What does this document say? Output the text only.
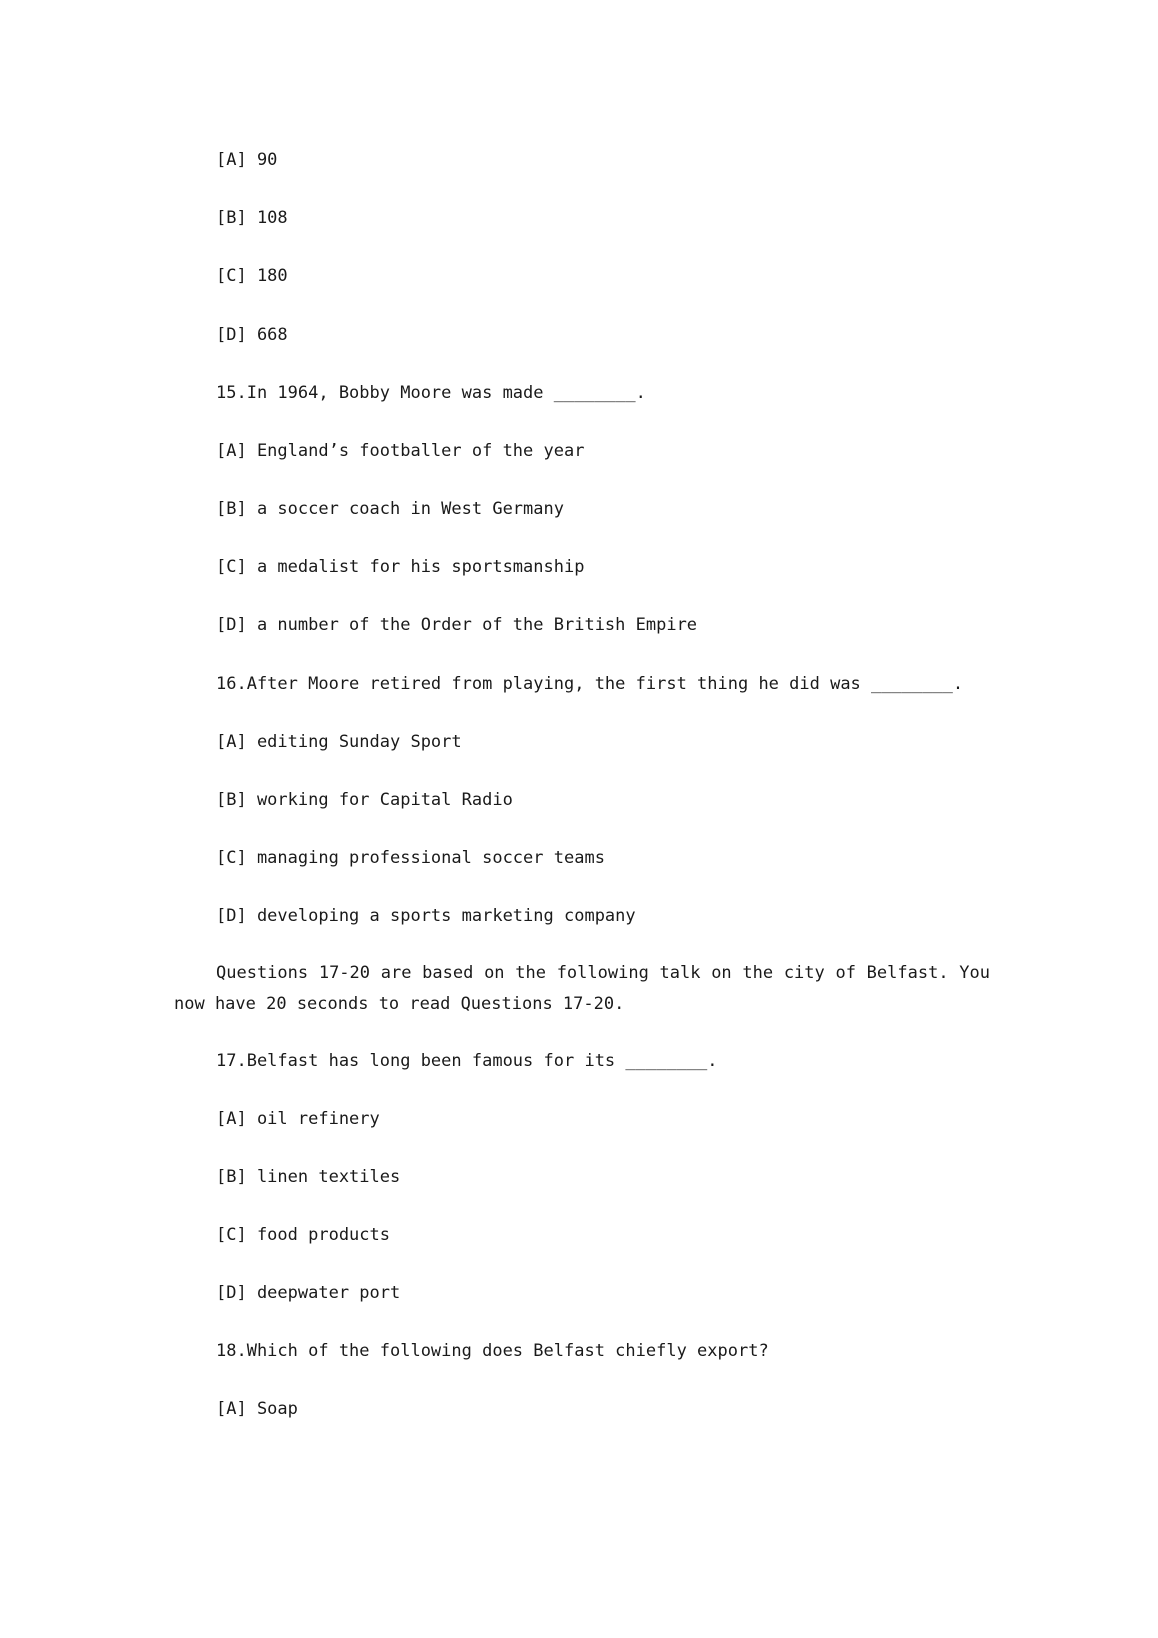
[A] 90
[B] 108
[C] 180
[D] 668
15.In 1964, Bobby Moore was made ________.
[A] England’s footballer of the year
[B] a soccer coach in West Germany
[C] a medalist for his sportsmanship
[D] a number of the Order of the British Empire
16.After Moore retired from playing, the first thing he did was ________.
[A] editing Sunday Sport
[B] working for Capital Radio
[C] managing professional soccer teams
[D] developing a sports marketing company
Questions 17-20 are based on the following talk on the city of Belfast. You now have 20 seconds to read Questions 17-20.
17.Belfast has long been famous for its ________.
[A] oil refinery
[B] linen textiles
[C] food products
[D] deepwater port
18.Which of the following does Belfast chiefly export?
[A] Soap
